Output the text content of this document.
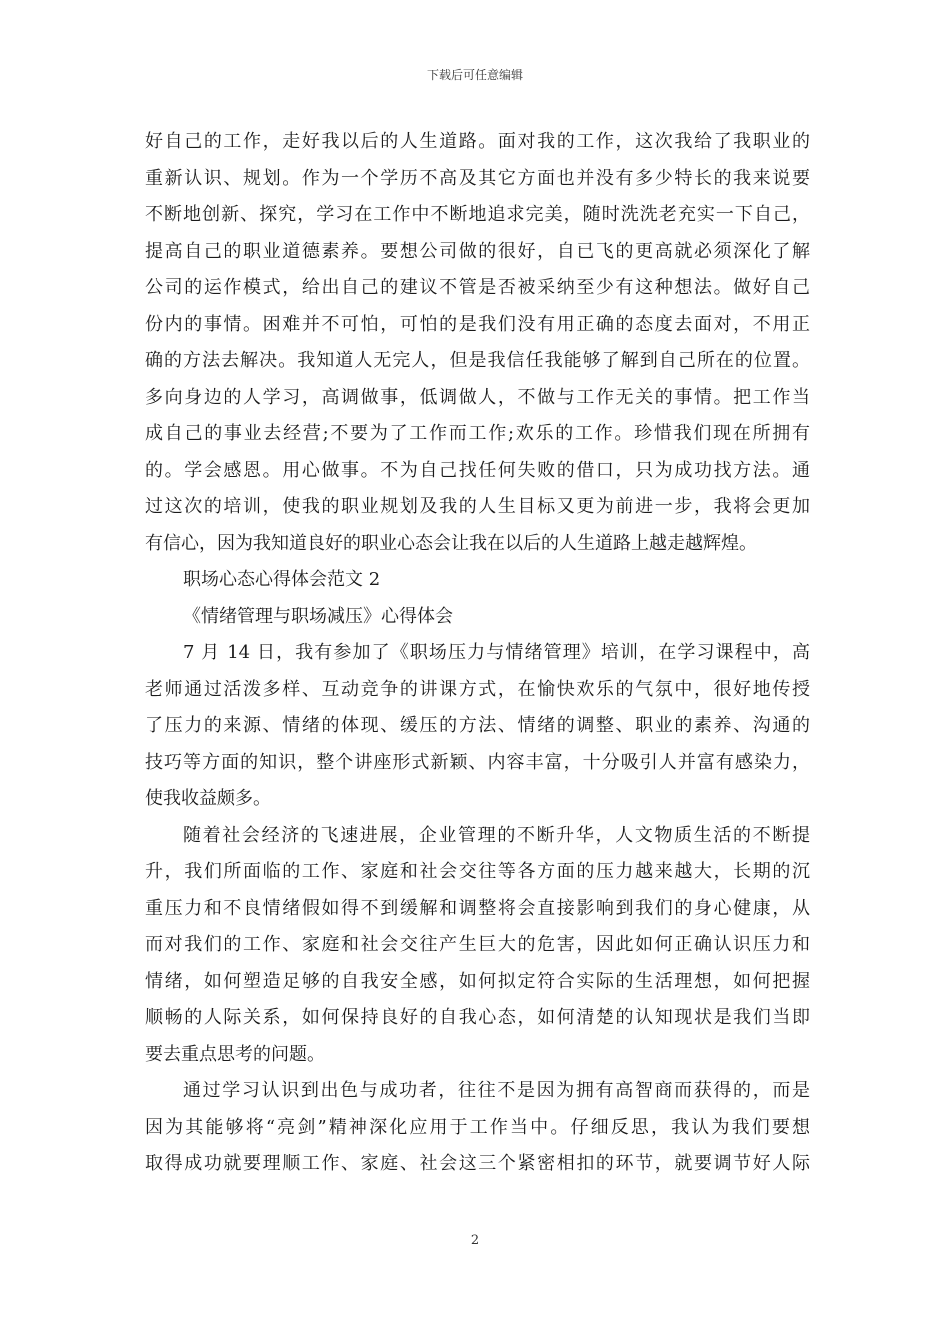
下载后可任意编辑
好自己的工作，走好我以后的人生道路。面对我的工作，这次我给了我职业的
重新认识、规划。作为一个学历不高及其它方面也并没有多少特长的我来说要
不断地创新、探究，学习在工作中不断地追求完美，随时洗洗老充实一下自己，
提高自己的职业道德素养。要想公司做的很好，自已飞的更高就必须深化了解
公司的运作模式，给出自己的建议不管是否被采纳至少有这种想法。做好自己
份内的事情。困难并不可怕，可怕的是我们没有用正确的态度去面对，不用正
确的方法去解决。我知道人无完人，但是我信任我能够了解到自己所在的位置。
多向身边的人学习，高调做事，低调做人，不做与工作无关的事情。把工作当
成自己的事业去经营;不要为了工作而工作;欢乐的工作。珍惜我们现在所拥有
的。学会感恩。用心做事。不为自己找任何失败的借口，只为成功找方法。通
过这次的培训，使我的职业规划及我的人生目标又更为前进一步，我将会更加
有信心，因为我知道良好的职业心态会让我在以后的人生道路上越走越辉煌。
职场心态心得体会范文 2
《情绪管理与职场减压》心得体会
7 月 14 日，我有参加了《职场压力与情绪管理》培训，在学习课程中，高
老师通过活泼多样、互动竞争的讲课方式，在愉快欢乐的气氛中，很好地传授
了压力的来源、情绪的体现、缓压的方法、情绪的调整、职业的素养、沟通的
技巧等方面的知识，整个讲座形式新颖、内容丰富，十分吸引人并富有感染力，
使我收益颇多。
随着社会经济的飞速进展，企业管理的不断升华，人文物质生活的不断提
升，我们所面临的工作、家庭和社会交往等各方面的压力越来越大，长期的沉
重压力和不良情绪假如得不到缓解和调整将会直接影响到我们的身心健康，从
而对我们的工作、家庭和社会交往产生巨大的危害，因此如何正确认识压力和
情绪，如何塑造足够的自我安全感，如何拟定符合实际的生活理想，如何把握
顺畅的人际关系，如何保持良好的自我心态，如何清楚的认知现状是我们当即
要去重点思考的问题。
通过学习认识到出色与成功者，往往不是因为拥有高智商而获得的，而是
因为其能够将“亮剑”精神深化应用于工作当中。仔细反思，我认为我们要想
取得成功就要理顺工作、家庭、社会这三个紧密相扣的环节，就要调节好人际
2
